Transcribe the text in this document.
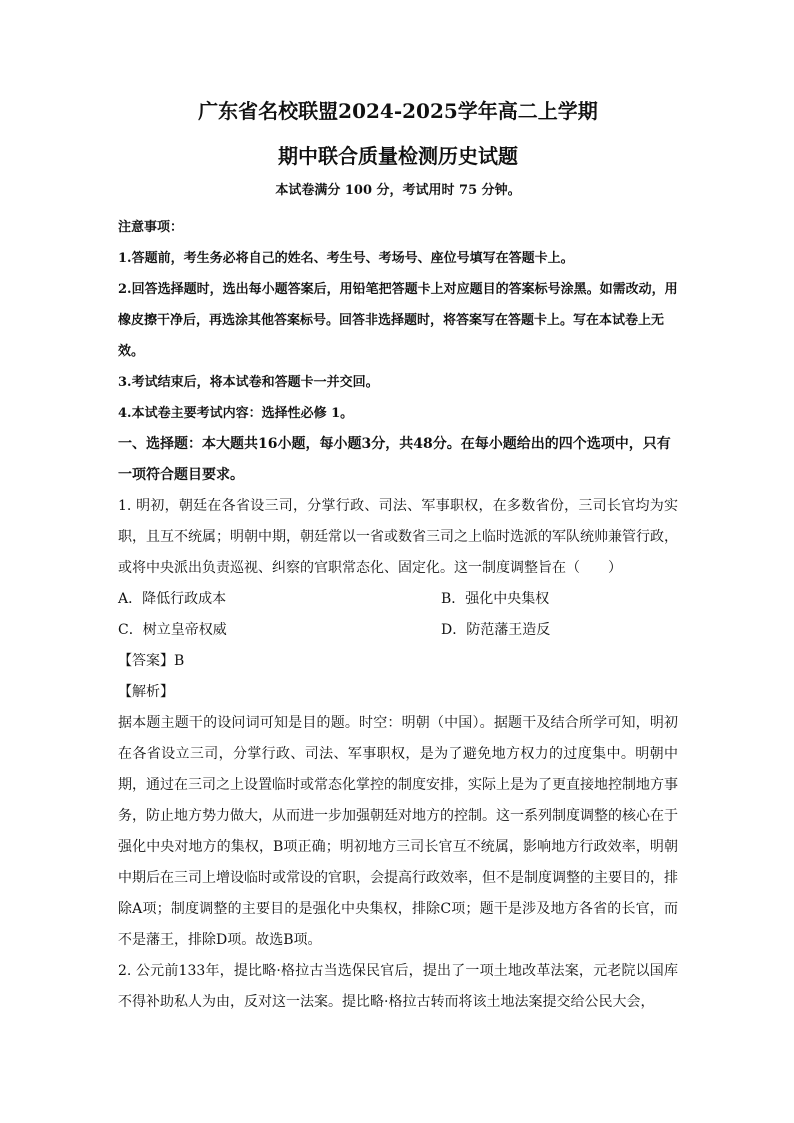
广东省名校联盟2024-2025学年高二上学期

期中联合质量检测历史试题

本试卷满分 100 分，考试用时 75 分钟。

注意事项：

1.答题前，考生务必将自己的姓名、考生号、考场号、座位号填写在答题卡上。

2.回答选择题时，选出每小题答案后，用铅笔把答题卡上对应题目的答案标号涂黑。如需改动，用橡皮擦干净后，再选涂其他答案标号。回答非选择题时，将答案写在答题卡上。写在本试卷上无效。

3.考试结束后，将本试卷和答题卡一并交回。

4.本试卷主要考试内容：选择性必修 1。

一、选择题：本大题共16小题，每小题3分，共48分。在每小题给出的四个选项中，只有一项符合题目要求。

1. 明初，朝廷在各省设三司，分掌行政、司法、军事职权，在多数省份，三司长官均为实职，且互不统属；明朝中期，朝廷常以一省或数省三司之上临时选派的军队统帅兼管行政，或将中央派出负责巡视、纠察的官职常态化、固定化。这一制度调整旨在（　　）

A．降低行政成本	B．强化中央集权
C．树立皇帝权威	D．防范藩王造反

【答案】B

【解析】

据本题主题干的设问词可知是目的题。时空：明朝（中国）。据题干及结合所学可知，明初在各省设立三司，分掌行政、司法、军事职权，是为了避免地方权力的过度集中。明朝中期，通过在三司之上设置临时或常态化掌控的制度安排，实际上是为了更直接地控制地方事务，防止地方势力做大，从而进一步加强朝廷对地方的控制。这一系列制度调整的核心在于强化中央对地方的集权，B项正确；明初地方三司长官互不统属，影响地方行政效率，明朝中期后在三司上增设临时或常设的官职，会提高行政效率，但不是制度调整的主要目的，排除A项；制度调整的主要目的是强化中央集权，排除C项；题干是涉及地方各省的长官，而不是藩王，排除D项。故选B项。

2. 公元前133年，提比略·格拉古当选保民官后，提出了一项土地改革法案，元老院以国库不得补助私人为由，反对这一法案。提比略·格拉古转而将该土地法案提交给公民大会，
